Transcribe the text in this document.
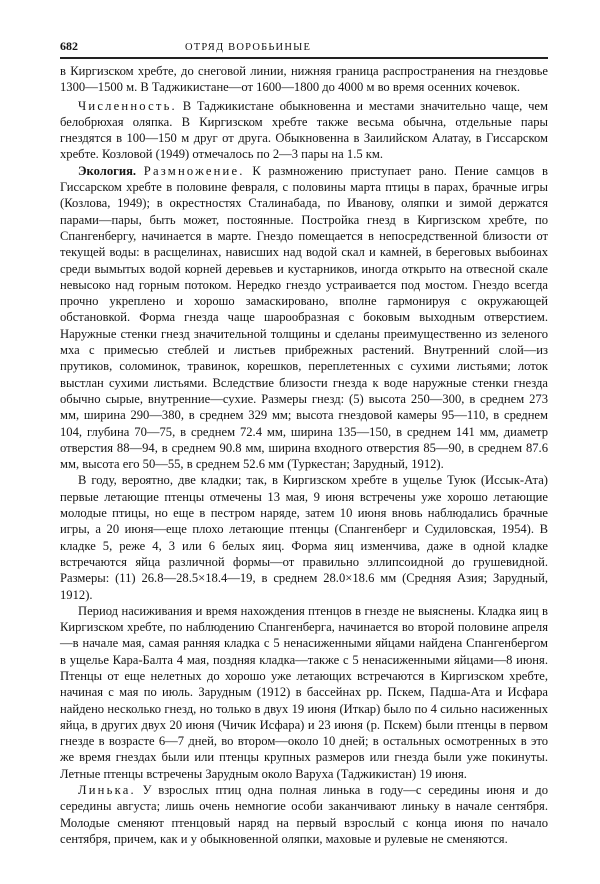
682	ОТРЯД ВОРОБЬИНЫЕ

в Киргизском хребте, до снеговой линии, нижняя граница распространения на гнездовье 1300—1500 м. В Таджикистане—от 1600—1800 до 4000 м во время осенних кочевок.

Численность. В Таджикистане обыкновенна и местами значительно чаще, чем белобрюхая оляпка. В Киргизском хребте также весьма обычна, отдельные пары гнездятся в 100—150 м друг от друга. Обыкновенна в Заилийском Алатау, в Гиссарском хребте. Козловой (1949) отмечалось по 2—3 пары на 1.5 км.

Экология. Размножение. К размножению приступает рано. Пение самцов в Гиссарском хребте в половине февраля, с половины марта птицы в парах, брачные игры (Козлова, 1949); в окрестностях Сталинабада, по Иванову, оляпки и зимой держатся парами—пары, быть может, постоянные. Постройка гнезд в Киргизском хребте, по Спангенбергу, начинается в марте. Гнездо помещается в непосредственной близости от текущей воды: в расщелинах, нависших над водой скал и камней, в береговых выбоинах среди вымытых водой корней деревьев и кустарников, иногда открыто на отвесной скале невысоко над горным потоком. Нередко гнездо устраивается под мостом. Гнездо всегда прочно укреплено и хорошо замаскировано, вполне гармонируя с окружающей обстановкой. Форма гнезда чаще шарообразная с боковым выходным отверстием. Наружные стенки гнезд значительной толщины и сделаны преимущественно из зеленого мха с примесью стеблей и листьев прибрежных растений. Внутренний слой—из прутиков, соломинок, травинок, корешков, переплетенных с сухими листьями; лоток выстлан сухими листьями. Вследствие близости гнезда к воде наружные стенки гнезда обычно сырые, внутренние—сухие. Размеры гнезд: (5) высота 250—300, в среднем 273 мм, ширина 290—380, в среднем 329 мм; высота гнездовой камеры 95—110, в среднем 104, глубина 70—75, в среднем 72.4 мм, ширина 135—150, в среднем 141 мм, диаметр отверстия 88—94, в среднем 90.8 мм, ширина входного отверстия 85—90, в среднем 87.6 мм, высота его 50—55, в среднем 52.6 мм (Туркестан; Зарудный, 1912).

В году, вероятно, две кладки; так, в Киргизском хребте в ущелье Туюк (Иссык-Ата) первые летающие птенцы отмечены 13 мая, 9 июня встречены уже хорошо летающие молодые птицы, но еще в пестром наряде, затем 10 июня вновь наблюдались брачные игры, а 20 июня—еще плохо летающие птенцы (Спангенберг и Судиловская, 1954). В кладке 5, реже 4, 3 или 6 белых яиц. Форма яиц изменчива, даже в одной кладке встречаются яйца различной формы—от правильно эллипсоидной до грушевидной. Размеры: (11) 26.8—28.5×18.4—19, в среднем 28.0×18.6 мм (Средняя Азия; Зарудный, 1912).

Период насиживания и время нахождения птенцов в гнезде не выяснены. Кладка яиц в Киргизском хребте, по наблюдению Спангенберга, начинается во второй половине апреля—в начале мая, самая ранняя кладка с 5 ненасиженными яйцами найдена Спангенбергом в ущелье Кара-Балта 4 мая, поздняя кладка—также с 5 ненасиженными яйцами—8 июня. Птенцы от еще нелетных до хорошо уже летающих встречаются в Киргизском хребте, начиная с мая по июль. Зарудным (1912) в бассейнах рр. Пскем, Падша-Ата и Исфара найдено несколько гнезд, но только в двух 19 июня (Иткар) было по 4 сильно насиженных яйца, в других двух 20 июня (Чичик Исфара) и 23 июня (р. Пскем) были птенцы в первом гнезде в возрасте 6—7 дней, во втором—около 10 дней; в остальных осмотренных в это же время гнездах были или птенцы крупных размеров или гнезда были уже покинуты. Летные птенцы встречены Зарудным около Варуха (Таджикистан) 19 июня.

Линька. У взрослых птиц одна полная линька в году—с середины июня и до середины августа; лишь очень немногие особи заканчивают линьку в начале сентября. Молодые сменяют птенцовый наряд на первый взрослый с конца июня по начало сентября, причем, как и у обыкновенной оляпки, маховые и рулевые не сменяются.
